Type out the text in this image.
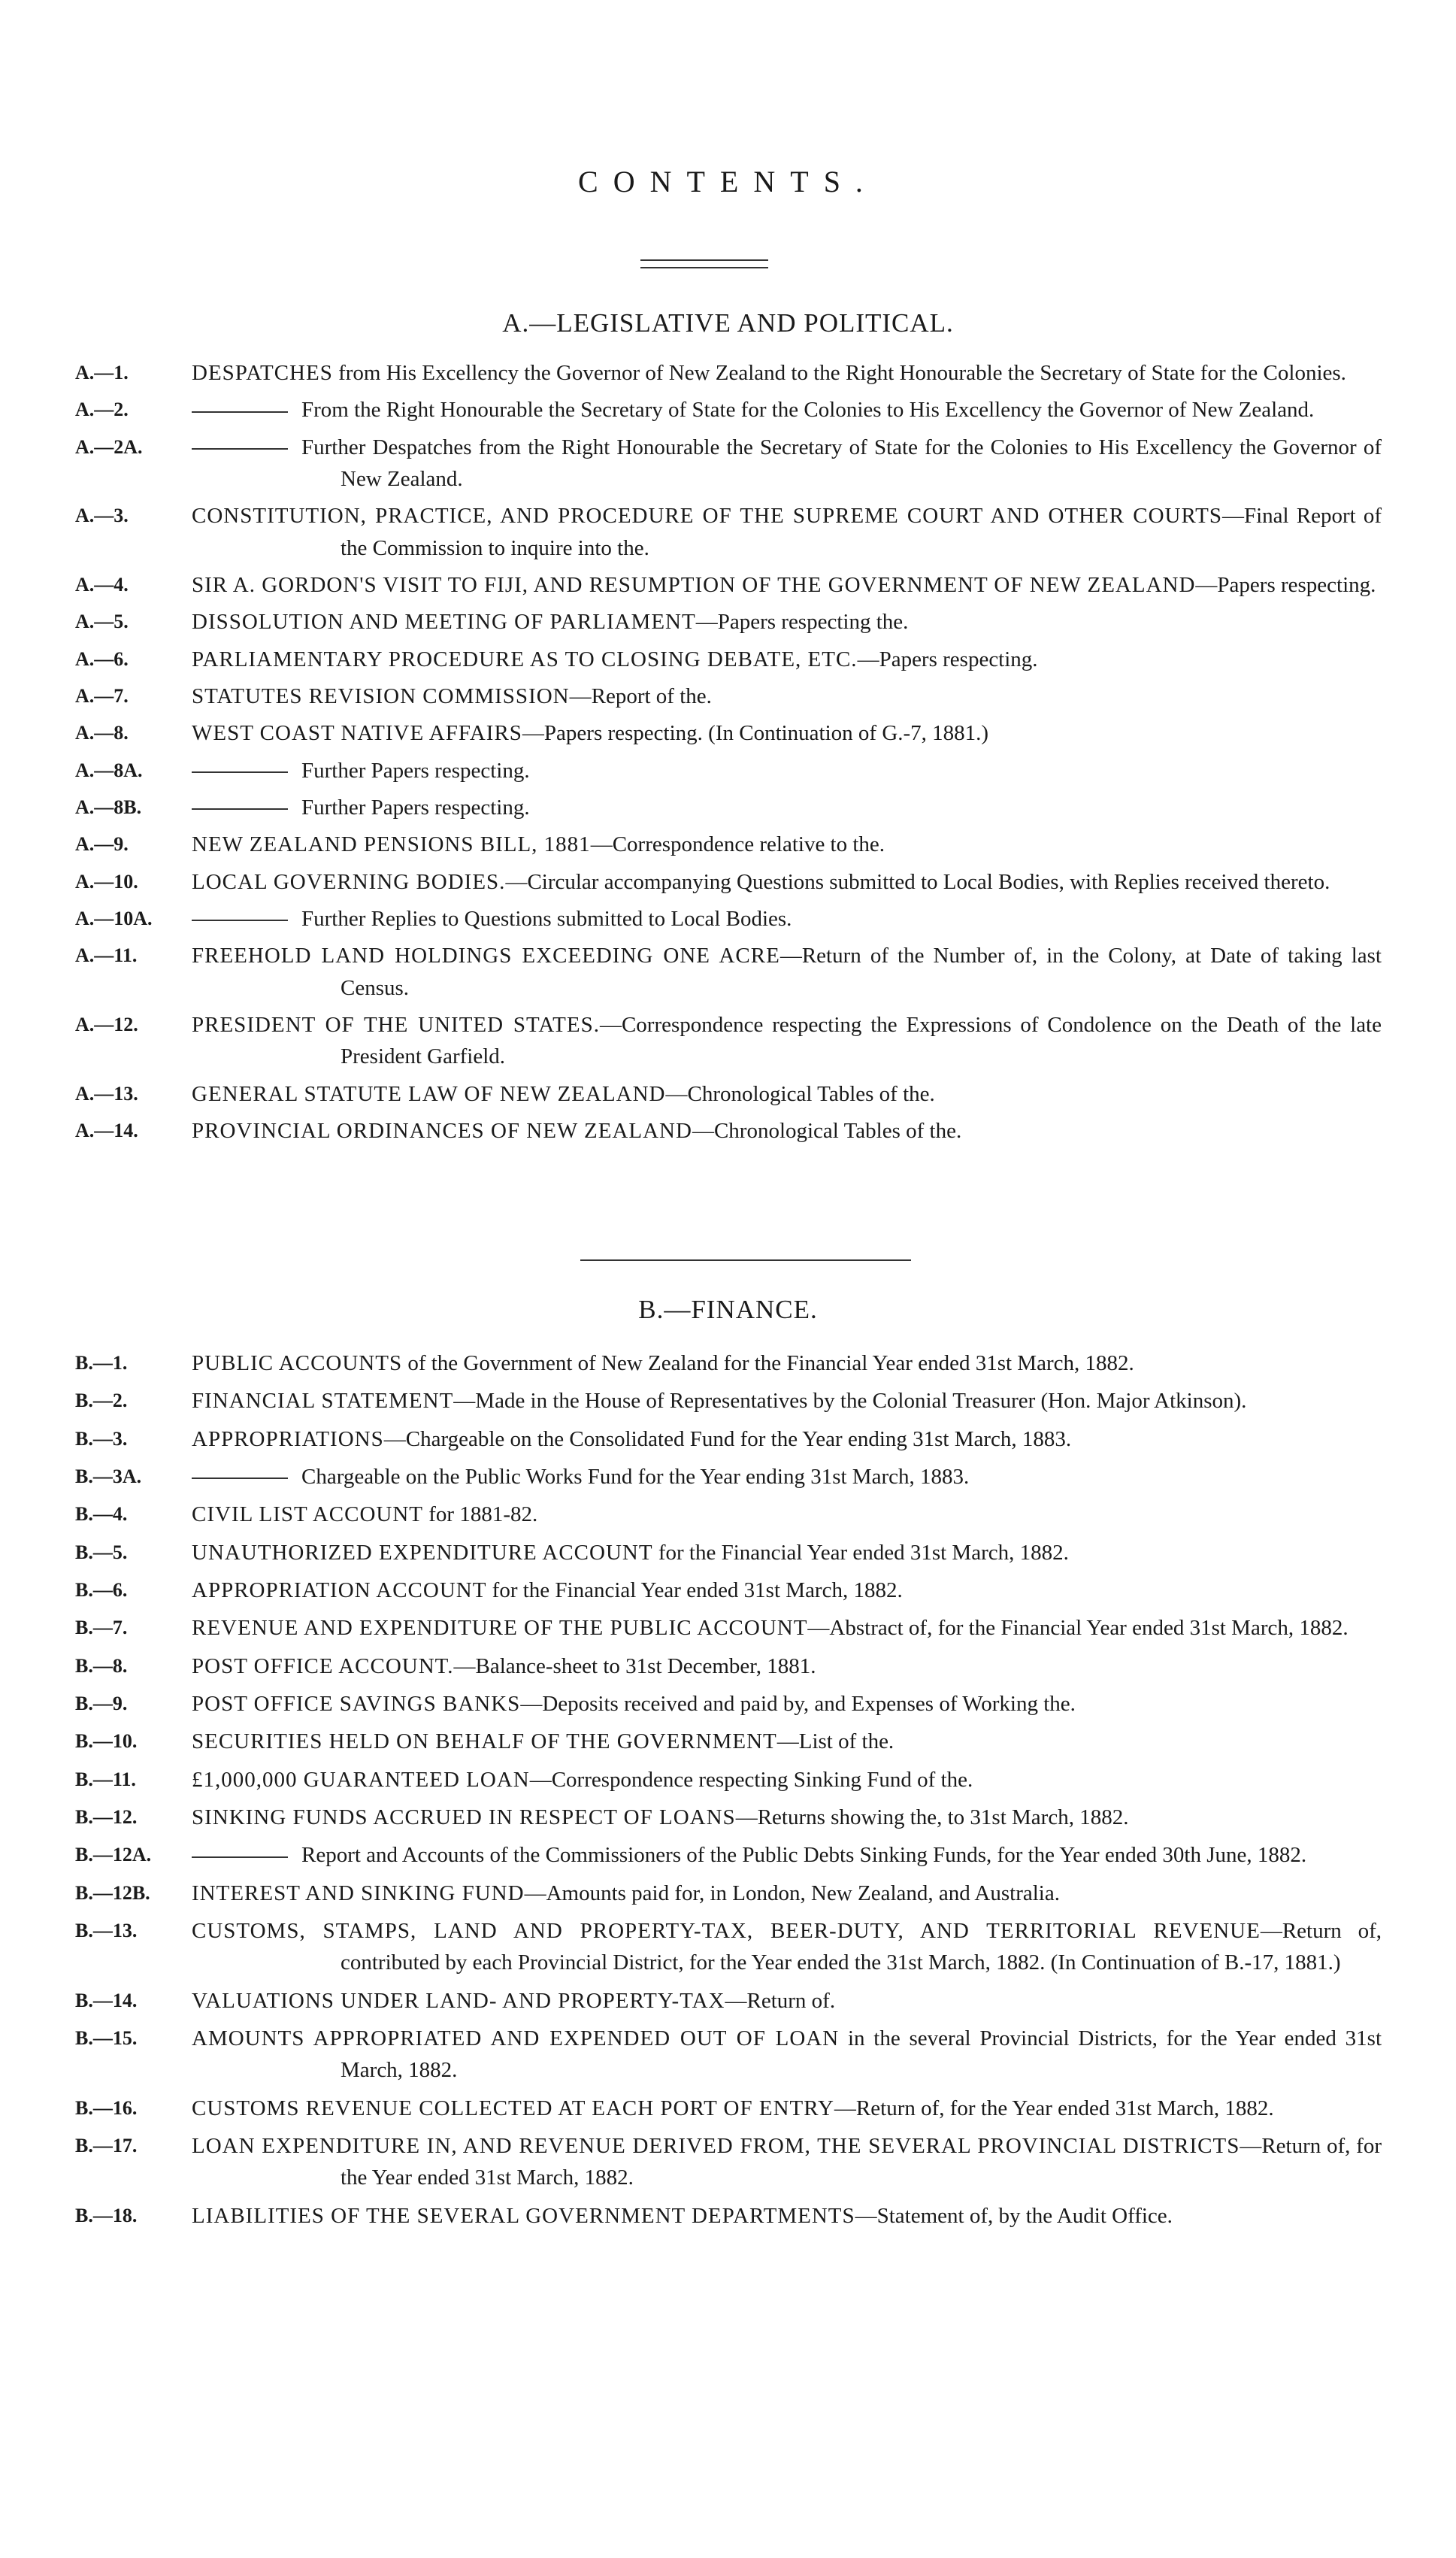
CONTENTS.
A.—LEGISLATIVE AND POLITICAL.
A.—1.	DESPATCHES from His Excellency the Governor of New Zealand to the Right Honourable the Secretary of State for the Colonies.

A.—2.	From the Right Honourable the Secretary of State for the Colonies to His Excellency the Governor of New Zealand.

A.—2A.	Further Despatches from the Right Honourable the Secretary of State for the Colonies to His Excellency the Governor of New Zealand.

A.—3.	CONSTITUTION, PRACTICE, AND PROCEDURE OF THE SUPREME COURT AND OTHER COURTS—Final Report of the Commission to inquire into the.

A.—4.	SIR A. GORDON'S VISIT TO FIJI, AND RESUMPTION OF THE GOVERNMENT OF NEW ZEALAND—Papers respecting.

A.—5.	DISSOLUTION AND MEETING OF PARLIAMENT—Papers respecting the.

A.—6.	PARLIAMENTARY PROCEDURE AS TO CLOSING DEBATE, ETC.—Papers respecting.

A.—7.	STATUTES REVISION COMMISSION—Report of the.

A.—8.	WEST COAST NATIVE AFFAIRS—Papers respecting. (In Continuation of G.-7, 1881.)

A.—8A.	Further Papers respecting.

A.—8B.	Further Papers respecting.

A.—9.	NEW ZEALAND PENSIONS BILL, 1881—Correspondence relative to the.

A.—10. LOCAL GOVERNING BODIES.—Circular accompanying Questions submitted to Local Bodies, with Replies received thereto.

A.—10A.	Further Replies to Questions submitted to Local Bodies.

A.—11.	FREEHOLD LAND HOLDINGS EXCEEDING ONE ACRE—Return of the Number of, in the Colony, at Date of taking last Census.

A.—12. PRESIDENT OF THE UNITED STATES.—Correspondence respecting the Expressions of Condolence on the Death of the late President Garfield.

A.—13. GENERAL STATUTE LAW OF NEW ZEALAND—Chronological Tables of the.

A.—14. PROVINCIAL ORDINANCES OF NEW ZEALAND—Chronological Tables of the.

B.—FINANCE.
B.—1.	PUBLIC ACCOUNTS of the Government of New Zealand for the Financial Year ended 31st March, 1882.

B.—2.	FINANCIAL STATEMENT—Made in the House of Representatives by the Colonial Treasurer (Hon. Major Atkinson).

B.—3.	APPROPRIATIONS—Chargeable on the Consolidated Fund for the Year ending 31st March, 1883.

B.—3A.	Chargeable on the Public Works Fund for the Year ending 31st March, 1883.

B.—4.	CIVIL LIST ACCOUNT for 1881-82.

B.—5.	UNAUTHORIZED EXPENDITURE ACCOUNT for the Financial Year ended 31st March, 1882.

B.—6.	APPROPRIATION ACCOUNT for the Financial Year ended 31st March, 1882.

B.—7.	REVENUE AND EXPENDITURE OF THE PUBLIC ACCOUNT—Abstract of, for the Financial Year ended 31st March, 1882.

B.—8.	POST OFFICE ACCOUNT.—Balance-sheet to 31st December, 1881.

B.—9.	POST OFFICE SAVINGS BANKS—Deposits received and paid by, and Expenses of Working the.

B.—10.	SECURITIES HELD ON BEHALF OF THE GOVERNMENT—List of the.

B.—11.	£1,000,000 GUARANTEED LOAN—Correspondence respecting Sinking Fund of the.

B.—12.	SINKING FUNDS ACCRUED IN RESPECT OF LOANS—Returns showing the, to 31st March, 1882.

B.—12A.	Report and Accounts of the Commissioners of the Public Debts Sinking Funds, for the Year ended 30th June, 1882.

B.—12B. INTEREST AND SINKING FUND—Amounts paid for, in London, New Zealand, and Australia.

B.—13.	CUSTOMS, STAMPS, LAND AND PROPERTY-TAX, BEER-DUTY, AND TERRITORIAL REVENUE—Return of, contributed by each Provincial District, for the Year ended the 31st March, 1882. (In Continuation of B.-17, 1881.)

B.—14.	VALUATIONS UNDER LAND- AND PROPERTY-TAX—Return of.

B.—15.	AMOUNTS APPROPRIATED AND EXPENDED OUT OF LOAN in the several Provincial Districts, for the Year ended 31st March, 1882.

B.—16.	CUSTOMS REVENUE COLLECTED AT EACH PORT OF ENTRY—Return of, for the Year ended 31st March, 1882.

B.—17.	LOAN EXPENDITURE IN, AND REVENUE DERIVED FROM, THE SEVERAL PROVINCIAL DISTRICTS—Return of, for the Year ended 31st March, 1882.

B.—18.	LIABILITIES OF THE SEVERAL GOVERNMENT DEPARTMENTS—Statement of, by the Audit Office.
